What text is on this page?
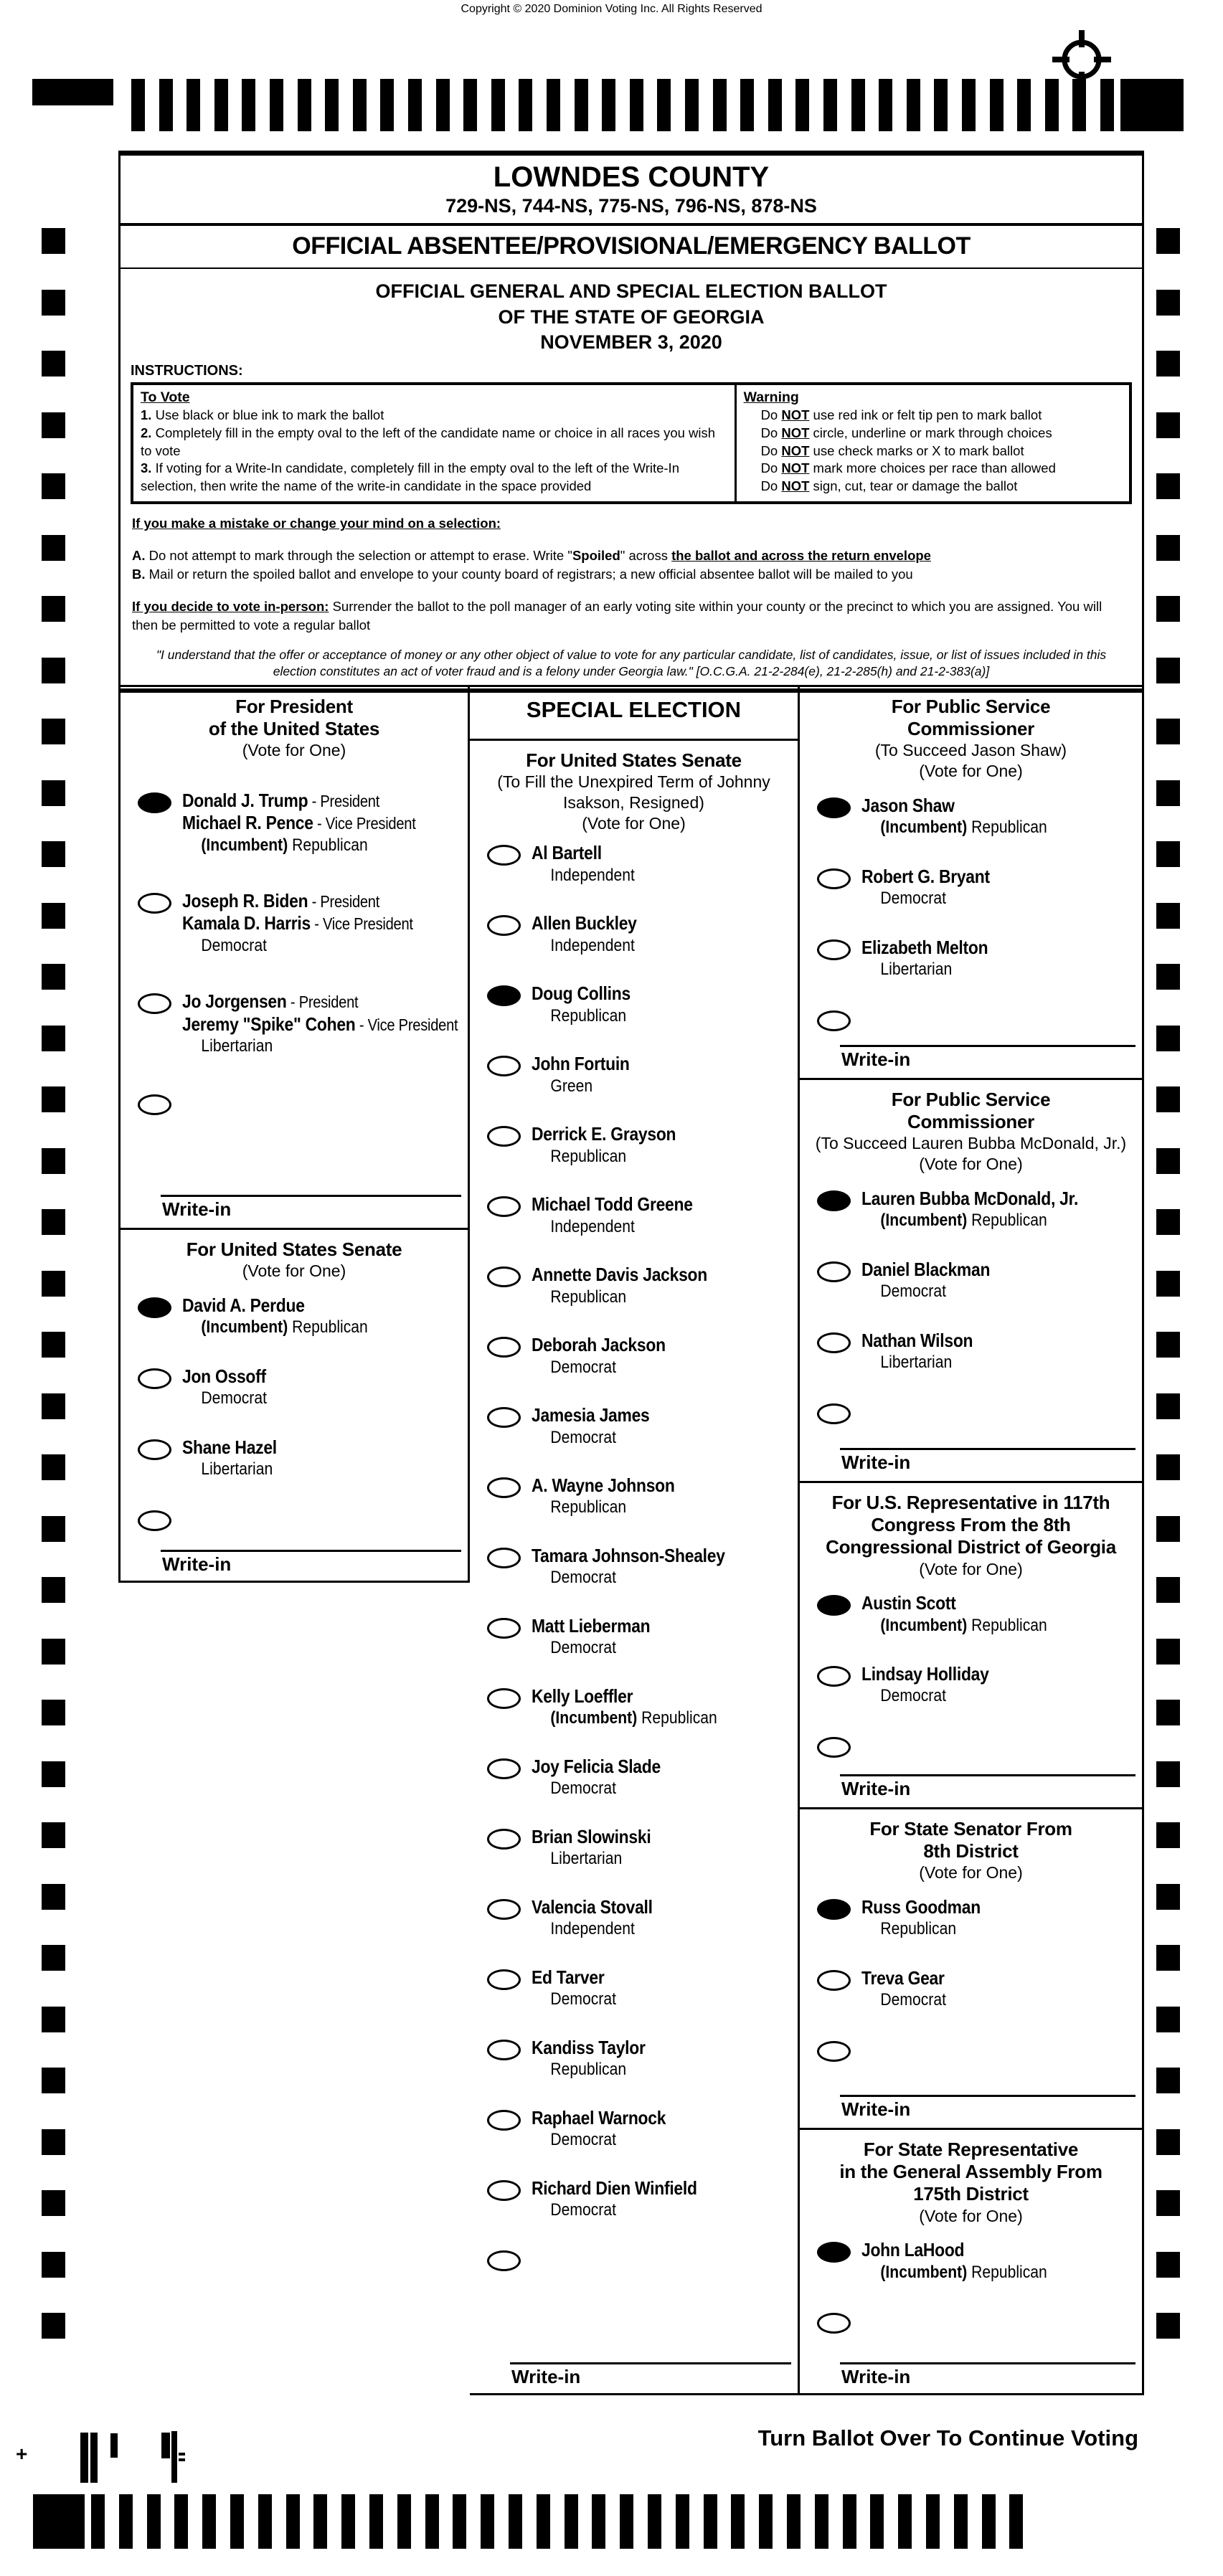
Copyright © 2020 Dominion Voting Inc. All Rights Reserved
LOWNDES COUNTY
729-NS, 744-NS, 775-NS, 796-NS, 878-NS
OFFICIAL ABSENTEE/PROVISIONAL/EMERGENCY BALLOT
OFFICIAL GENERAL AND SPECIAL ELECTION BALLOT
OF THE STATE OF GEORGIA
NOVEMBER 3, 2020
INSTRUCTIONS:
To Vote
1. Use black or blue ink to mark the ballot
2. Completely fill in the empty oval to the left of the candidate name or choice in all races you wish to vote
3. If voting for a Write-In candidate, completely fill in the empty oval to the left of the Write-In selection, then write the name of the write-in candidate in the space provided
Warning
Do NOT use red ink or felt tip pen to mark ballot
Do NOT circle, underline or mark through choices
Do NOT use check marks or X to mark ballot
Do NOT mark more choices per race than allowed
Do NOT sign, cut, tear or damage the ballot
If you make a mistake or change your mind on a selection:
A. Do not attempt to mark through the selection or attempt to erase. Write "Spoiled" across the ballot and across the return envelope
B. Mail or return the spoiled ballot and envelope to your county board of registrars; a new official absentee ballot will be mailed to you
If you decide to vote in-person: Surrender the ballot to the poll manager of an early voting site within your county or the precinct to which you are assigned. You will then be permitted to vote a regular ballot
"I understand that the offer or acceptance of money or any other object of value to vote for any particular candidate, list of candidates, issue, or list of issues included in this election constitutes an act of voter fraud and is a felony under Georgia law." [O.C.G.A. 21-2-284(e), 21-2-285(h) and 21-2-383(a)]
For President
of the United States
(Vote for One)
Donald J. Trump - President
Michael R. Pence - Vice President
(Incumbent) Republican
Joseph R. Biden - President
Kamala D. Harris - Vice President
Democrat
Jo Jorgensen - President
Jeremy "Spike" Cohen - Vice President
Libertarian
Write-in
For United States Senate
(Vote for One)
David A. Perdue
(Incumbent) Republican
Jon Ossoff
Democrat
Shane Hazel
Libertarian
Write-in
SPECIAL ELECTION
For United States Senate
(To Fill the Unexpired Term of Johnny
Isakson, Resigned)
(Vote for One)
Al Bartell
Independent
Allen Buckley
Independent
Doug Collins
Republican
John Fortuin
Green
Derrick E. Grayson
Republican
Michael Todd Greene
Independent
Annette Davis Jackson
Republican
Deborah Jackson
Democrat
Jamesia James
Democrat
A. Wayne Johnson
Republican
Tamara Johnson-Shealey
Democrat
Matt Lieberman
Democrat
Kelly Loeffler
(Incumbent) Republican
Joy Felicia Slade
Democrat
Brian Slowinski
Libertarian
Valencia Stovall
Independent
Ed Tarver
Democrat
Kandiss Taylor
Republican
Raphael Warnock
Democrat
Richard Dien Winfield
Democrat
Write-in
For Public Service
Commissioner
(To Succeed Jason Shaw)
(Vote for One)
Jason Shaw
(Incumbent) Republican
Robert G. Bryant
Democrat
Elizabeth Melton
Libertarian
Write-in
For Public Service
Commissioner
(To Succeed Lauren Bubba McDonald, Jr.)
(Vote for One)
Lauren Bubba McDonald, Jr.
(Incumbent) Republican
Daniel Blackman
Democrat
Nathan Wilson
Libertarian
Write-in
For U.S. Representative in 117th
Congress From the 8th
Congressional District of Georgia
(Vote for One)
Austin Scott
(Incumbent) Republican
Lindsay Holliday
Democrat
Write-in
For State Senator From
8th District
(Vote for One)
Russ Goodman
Republican
Treva Gear
Democrat
Write-in
For State Representative
in the General Assembly From
175th District
(Vote for One)
John LaHood
(Incumbent) Republican
Write-in
+
Turn Ballot Over To Continue Voting
